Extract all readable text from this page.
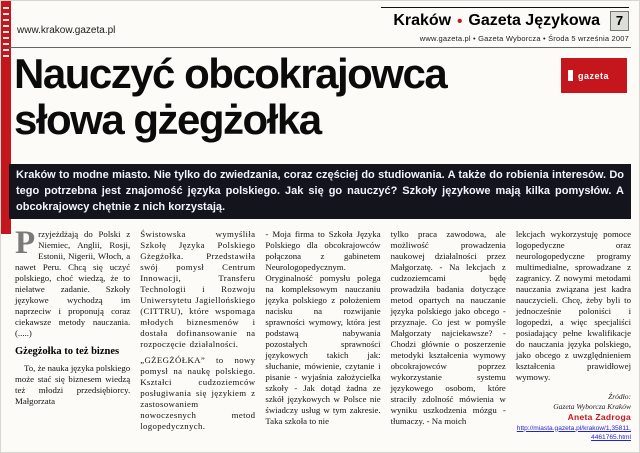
www.krakow.gazeta.pl
Kraków • Gazeta Językowa	7
www.gazeta.pl • Gazeta Wyborcza • Środa 5 września 2007
Nauczyć obcokrajowca
słowa gżegżołka
gazeta
Kraków to modne miasto. Nie tylko do zwiedzania, coraz częściej do studiowania. A także do robienia interesów. Do tego potrzebna jest znajomość języka polskiego. Jak się go nauczyć? Szkoły językowe mają kilka pomysłów. A obcokrajowcy chętnie z nich korzystają.

Przyjeżdżają do Polski z Niemiec, Anglii, Rosji, Estonii, Nigerii, Włoch, a nawet Peru. Chcą się uczyć polskiego, choć wiedzą, że to niełatwe zadanie. Szkoły językowe wychodzą im naprzeciw i proponują coraz ciekawsze metody nauczania.(.....)

Gżegżołka to też biznes

To, że nauka języka polskiego może stać się biznesem wiedzą też młodzi przedsiębiorcy. Małgorzata

Świstowska wymyśliła Szkołę Języka Polskiego Gżegżołka. Przedstawiła swój pomysł Centrum Innowacji, Transferu Technologii i Rozwoju Uniwersytetu Jagiellońskiego (CITTRU), które wspomaga młodych biznesmenów i dostała dofinansowanie na rozpoczęcie działalności.

„GŻEGŻÓŁKA” to nowy pomysł na naukę polskiego. Kształci cudzoziemców posługiwania się językiem z zastosowaniem nowoczesnych metod logopedycznych.

- Moja firma to Szkoła Języka Polskiego dla obcokrajowców połączona z gabinetem Neurologopedycznym. Oryginalność pomysłu polega na kompleksowym nauczaniu języka polskiego z położeniem nacisku na rozwijanie sprawności wymowy, która jest podstawą nabywania pozostałych sprawności językowych takich jak: słuchanie, mówienie, czytanie i pisanie - wyjaśnia założycielka szkoły - Jak dotąd żadna ze szkół językowych w Polsce nie świadczy usług w tym zakresie. Taka szkoła to nie

tylko praca zawodowa, ale możliwość prowadzenia naukowej działalności przez Małgorzatę. - Na lekcjach z cudzoziemcami będę prowadziła badania dotyczące metod opartych na nauczanie języka polskiego jako obcego - przyznaje. Co jest w pomyśle Małgorzaty najciekawsze? - Chodzi głównie o poszerzenie metodyki kształcenia wymowy obcokrajowców poprzez wykorzystanie systemu językowego osobom, które straciły zdolność mówienia w wyniku uszkodzenia mózgu - tłumaczy. - Na moich

lekcjach wykorzystuję pomoce logopedyczne oraz neurologopedyczne programy multimedialne, sprowadzane z zagranicy. Z nowymi metodami nauczania związana jest kadra nauczycieli. Chcę, żeby byli to jednocześnie poloniści i logopedzi, a więc specjaliści posiadający pełne kwalifikacje do nauczania języka polskiego, jako obcego z uwzględnieniem kształcenia prawidłowej wymowy.

Źródło:
Gazeta Wyborcza Kraków
Aneta Zadroga
http://miasta.gazeta.pl/krakow/1,35811,4461765.html
